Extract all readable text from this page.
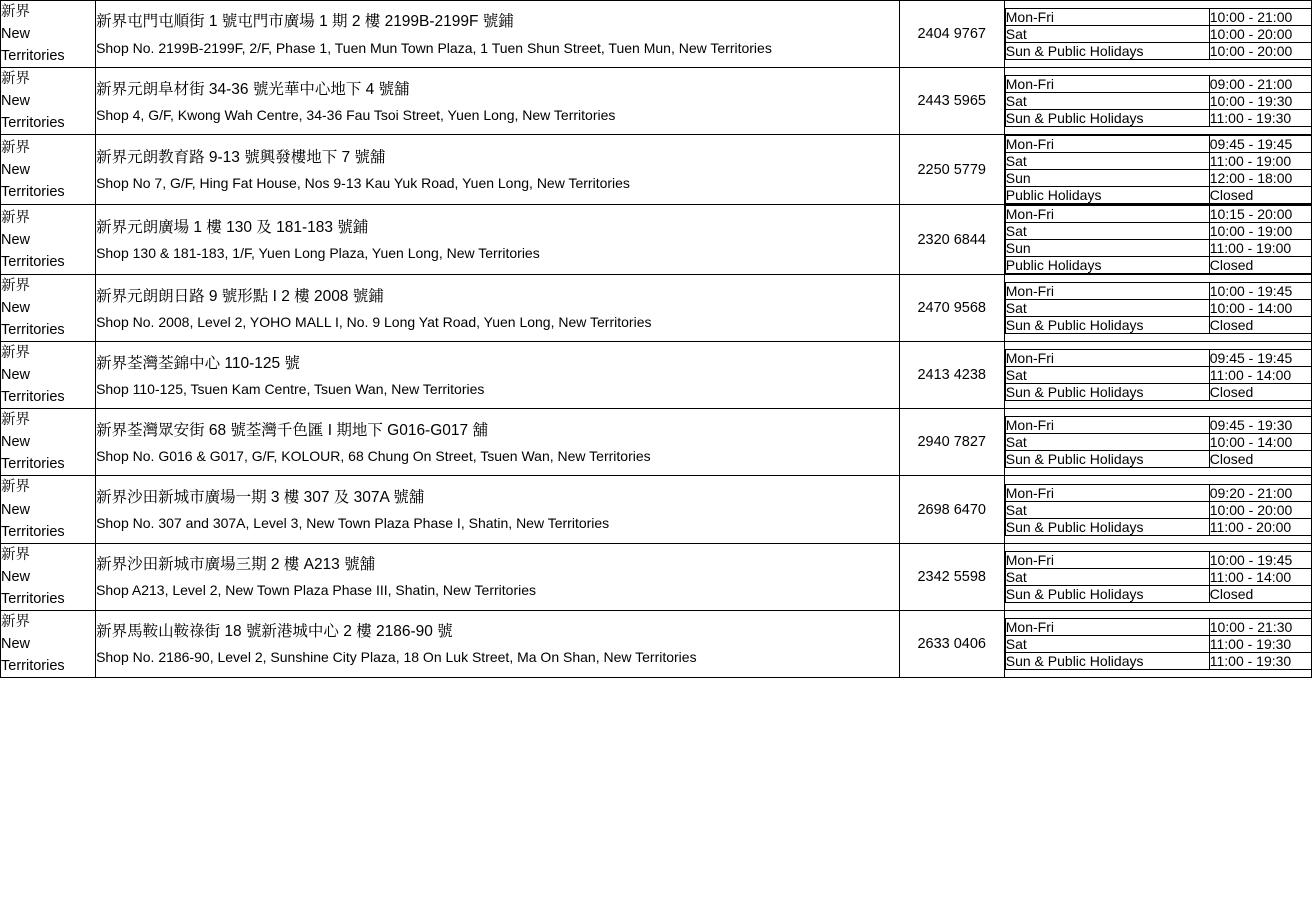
新界
New
Territories

新界屯門屯順街 1 號屯門市廣場 1 期 2 樓 2199B-2199F 號鋪
Shop No. 2199B-2199F, 2/F, Phase 1, Tuen Mun Town Plaza, 1 Tuen Shun Street, Tuen Mun, New Territories
	2404 9767	
Mon-Fri	10:00 - 21:00
Sat	10:00 - 20:00
Sun & Public Holidays	10:00 - 20:00

新界
New
Territories

新界元朗阜材街 34-36 號光華中心地下 4 號舖
Shop 4, G/F, Kwong Wah Centre, 34-36 Fau Tsoi Street, Yuen Long, New Territories
	2443 5965	
Mon-Fri	09:00 - 21:00
Sat	10:00 - 19:30
Sun & Public Holidays	11:00 - 19:30

新界
New
Territories

新界元朗教育路 9-13 號興發樓地下 7 號舖
Shop No 7, G/F, Hing Fat House, Nos 9-13 Kau Yuk Road, Yuen Long, New Territories
	2250 5779	
Mon-Fri	09:45 - 19:45
Sat	11:00 - 19:00
Sun	12:00 - 18:00
Public Holidays	Closed

新界
New
Territories

新界元朗廣場 1 樓 130 及 181-183 號鋪
Shop 130 & 181-183, 1/F, Yuen Long Plaza, Yuen Long, New Territories
	2320 6844	
Mon-Fri	10:15 - 20:00
Sat	10:00 - 19:00
Sun	11:00 - 19:00
Public Holidays	Closed

新界
New
Territories

新界元朗朗日路 9 號形點 I 2 樓 2008 號鋪
Shop No. 2008, Level 2, YOHO MALL I, No. 9 Long Yat Road, Yuen Long, New Territories
	2470 9568	
Mon-Fri	10:00 - 19:45
Sat	10:00 - 14:00
Sun & Public Holidays	Closed

新界
New
Territories

新界荃灣荃錦中心 110-125 號
Shop 110-125, Tsuen Kam Centre, Tsuen Wan, New Territories
	2413 4238	
Mon-Fri	09:45 - 19:45
Sat	11:00 - 14:00
Sun & Public Holidays	Closed

新界
New
Territories

新界荃灣眾安街 68 號荃灣千色匯 I 期地下 G016-G017 舖
Shop No. G016 & G017, G/F, KOLOUR, 68 Chung On Street, Tsuen Wan, New Territories
	2940 7827	
Mon-Fri	09:45 - 19:30
Sat	10:00 - 14:00
Sun & Public Holidays	Closed

新界
New
Territories

新界沙田新城市廣場一期 3 樓 307 及 307A 號舖
Shop No. 307 and 307A, Level 3, New Town Plaza Phase I, Shatin, New Territories
	2698 6470	
Mon-Fri	09:20 - 21:00
Sat	10:00 - 20:00
Sun & Public Holidays	11:00 - 20:00

新界
New
Territories

新界沙田新城市廣場三期 2 樓 A213 號舖
Shop A213, Level 2, New Town Plaza Phase III, Shatin, New Territories
	2342 5598	
Mon-Fri	10:00 - 19:45
Sat	11:00 - 14:00
Sun & Public Holidays	Closed

新界
New
Territories

新界馬鞍山鞍祿街 18 號新港城中心 2 樓 2186-90 號
Shop No. 2186-90, Level 2, Sunshine City Plaza, 18 On Luk Street, Ma On Shan, New Territories
	2633 0406	
Mon-Fri	10:00 - 21:30
Sat	11:00 - 19:30
Sun & Public Holidays	11:00 - 19:30
